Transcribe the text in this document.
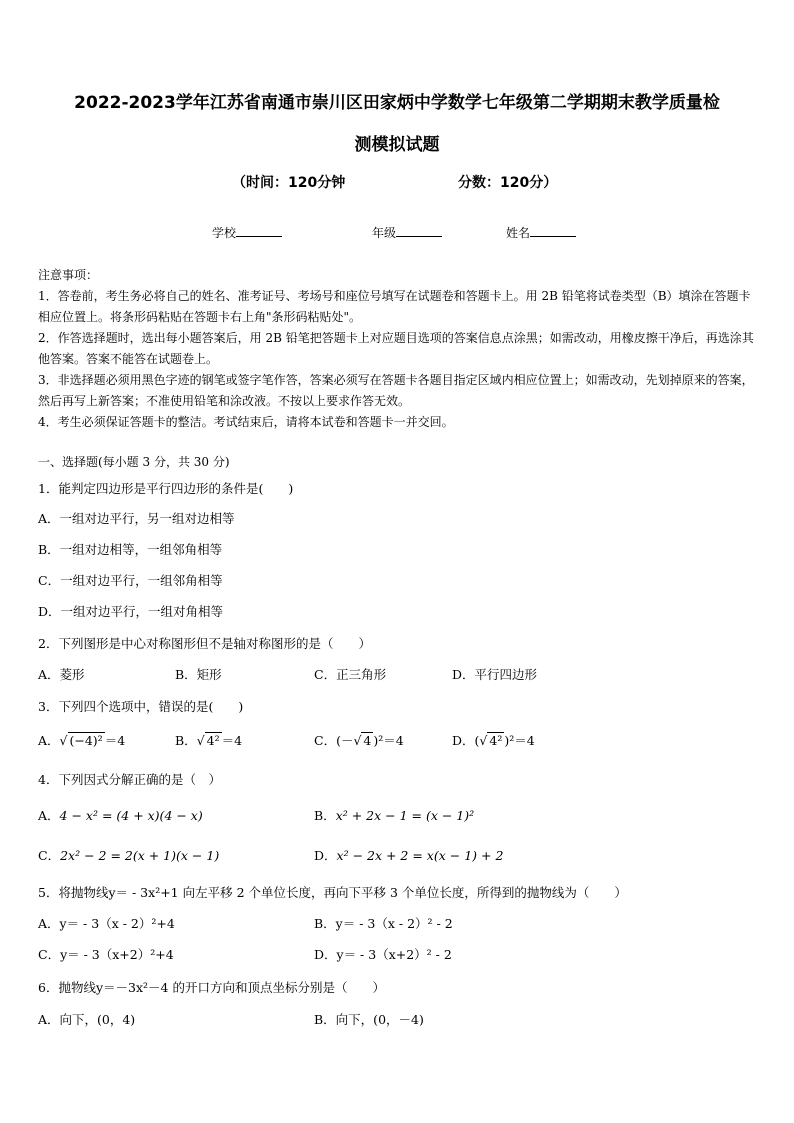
2022-2023学年江苏省南通市崇川区田家炳中学数学七年级第二学期期末教学质量检
测模拟试题
（时间：120分钟	分数：120分）
学校	年级	姓名

注意事项：

1．答卷前，考生务必将自己的姓名、准考证号、考场号和座位号填写在试题卷和答题卡上。用 2B 铅笔将试卷类型（B）填涂在答题卡相应位置上。将条形码粘贴在答题卡右上角"条形码粘贴处"。

2．作答选择题时，选出每小题答案后，用 2B 铅笔把答题卡上对应题目选项的答案信息点涂黑；如需改动，用橡皮擦干净后，再选涂其他答案。答案不能答在试题卷上。

3．非选择题必须用黑色字迹的钢笔或签字笔作答，答案必须写在答题卡各题目指定区域内相应位置上；如需改动，先划掉原来的答案，然后再写上新答案；不准使用铅笔和涂改液。不按以上要求作答无效。

4．考生必须保证答题卡的整洁。考试结束后，请将本试卷和答题卡一并交回。

一、选择题(每小题 3 分，共 30 分)
1．能判定四边形是平行四边形的条件是(　　)
A．一组对边平行，另一组对边相等
B．一组对边相等，一组邻角相等
C．一组对边平行，一组邻角相等
D．一组对边平行，一组对角相等
2．下列图形是中心对称图形但不是轴对称图形的是（　　）
A．菱形	B．矩形	C．正三角形	D．平行四边形
3．下列四个选项中，错误的是(　　)
A．√ (−4)² ＝4	B．√ 4² ＝4	C．(－√ 4 )²＝4	D．(√ 4² )²＝4
4．下列因式分解正确的是（　）
A．4 − x² = (4 + x)(4 − x)	B．x² + 2x − 1 = (x − 1)²
C．2x² − 2 = 2(x + 1)(x − 1)	D．x² − 2x + 2 = x(x − 1) + 2
5．将抛物线y＝ - 3x²+1 向左平移 2 个单位长度，再向下平移 3 个单位长度，所得到的抛物线为（　　）
A．y＝ - 3（x - 2）²+4	B．y＝ - 3（x - 2）² - 2
C．y＝ - 3（x+2）²+4	D．y＝ - 3（x+2）² - 2
6．抛物线y＝－3x²－4 的开口方向和顶点坐标分别是（　　）
A．向下，(0，4)	B．向下，(0，－4)
